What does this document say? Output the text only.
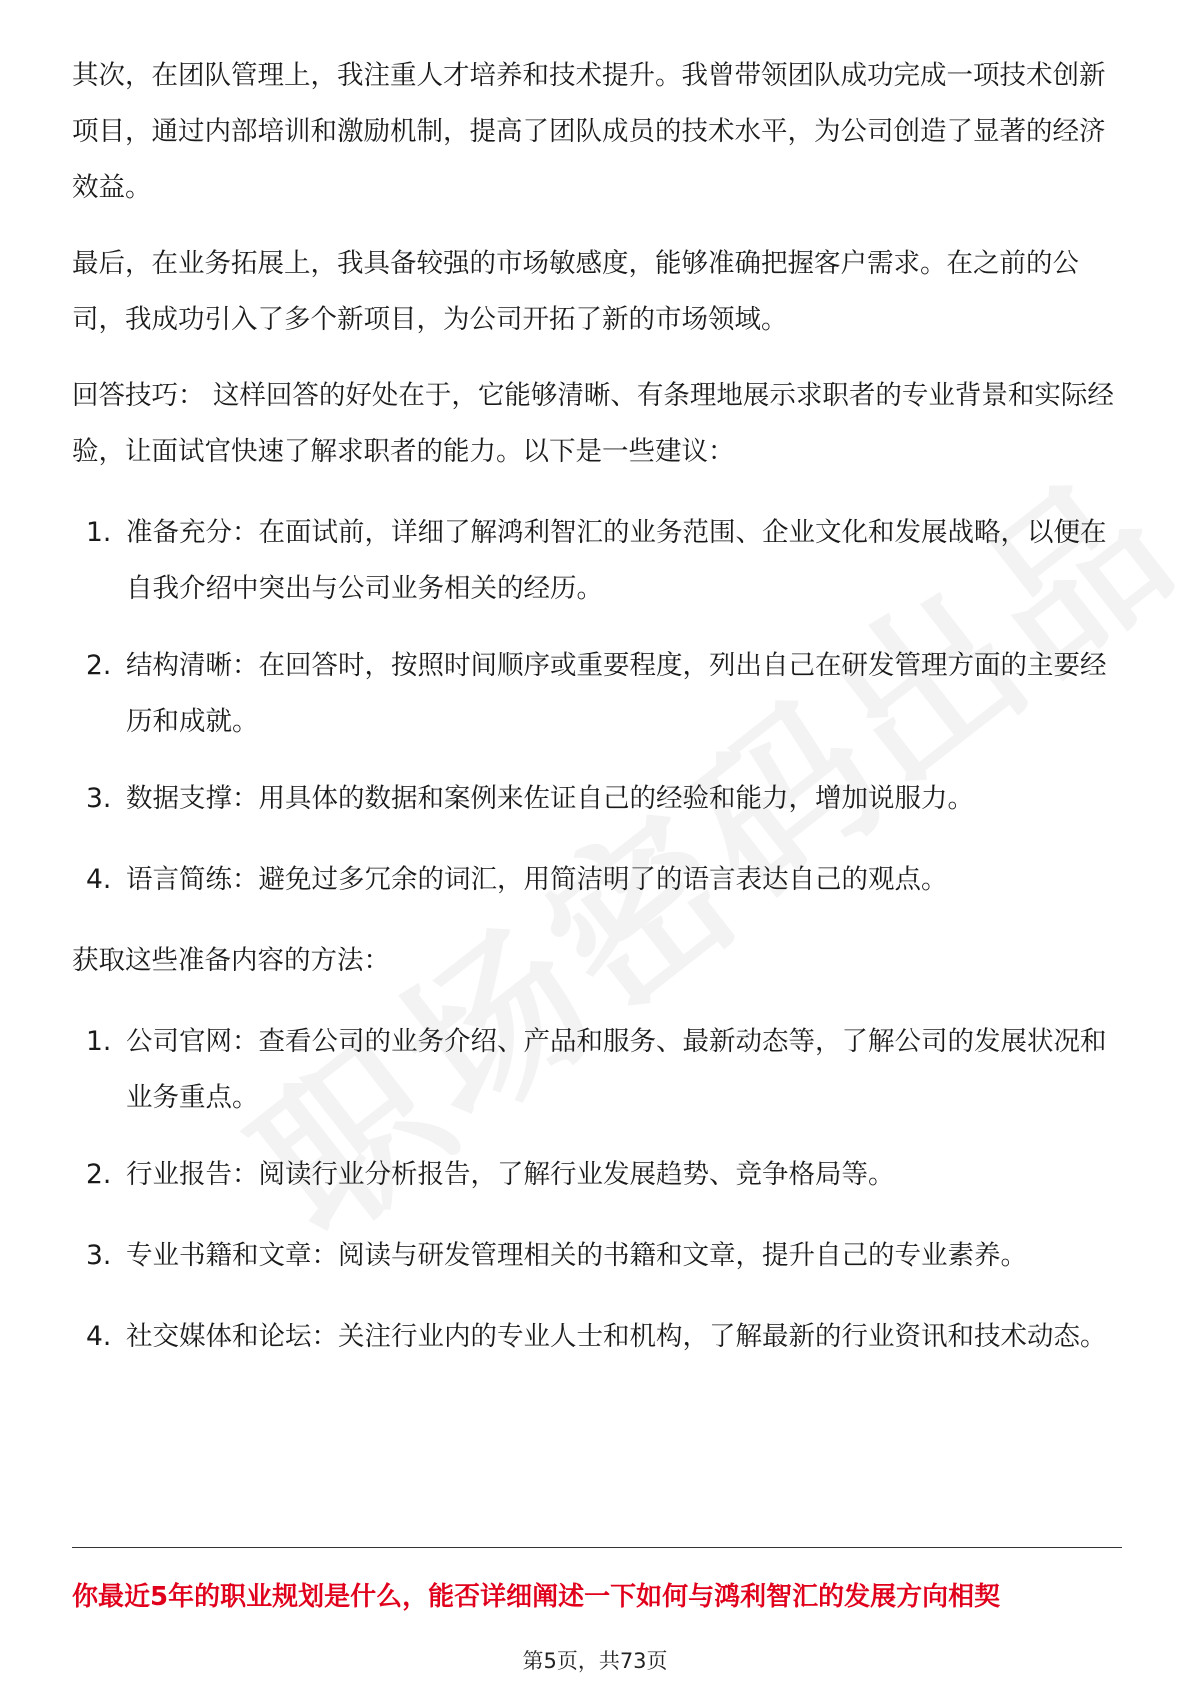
其次，在团队管理上，我注重人才培养和技术提升。我曾带领团队成功完成一项技术创新项目，通过内部培训和激励机制，提高了团队成员的技术水平，为公司创造了显著的经济效益。

最后，在业务拓展上，我具备较强的市场敏感度，能够准确把握客户需求。在之前的公司，我成功引入了多个新项目，为公司开拓了新的市场领域。

回答技巧： 这样回答的好处在于，它能够清晰、有条理地展示求职者的专业背景和实际经验，让面试官快速了解求职者的能力。以下是一些建议：

1. 准备充分：在面试前，详细了解鸿利智汇的业务范围、企业文化和发展战略，以便在自我介绍中突出与公司业务相关的经历。
2. 结构清晰：在回答时，按照时间顺序或重要程度，列出自己在研发管理方面的主要经历和成就。
3. 数据支撑：用具体的数据和案例来佐证自己的经验和能力，增加说服力。
4. 语言简练：避免过多冗余的词汇，用简洁明了的语言表达自己的观点。

获取这些准备内容的方法：

1. 公司官网：查看公司的业务介绍、产品和服务、最新动态等，了解公司的发展状况和业务重点。
2. 行业报告：阅读行业分析报告，了解行业发展趋势、竞争格局等。
3. 专业书籍和文章：阅读与研发管理相关的书籍和文章，提升自己的专业素养。
4. 社交媒体和论坛：关注行业内的专业人士和机构，了解最新的行业资讯和技术动态。
你最近5年的职业规划是什么，能否详细阐述一下如何与鸿利智汇的发展方向相契
第5页，共73页
